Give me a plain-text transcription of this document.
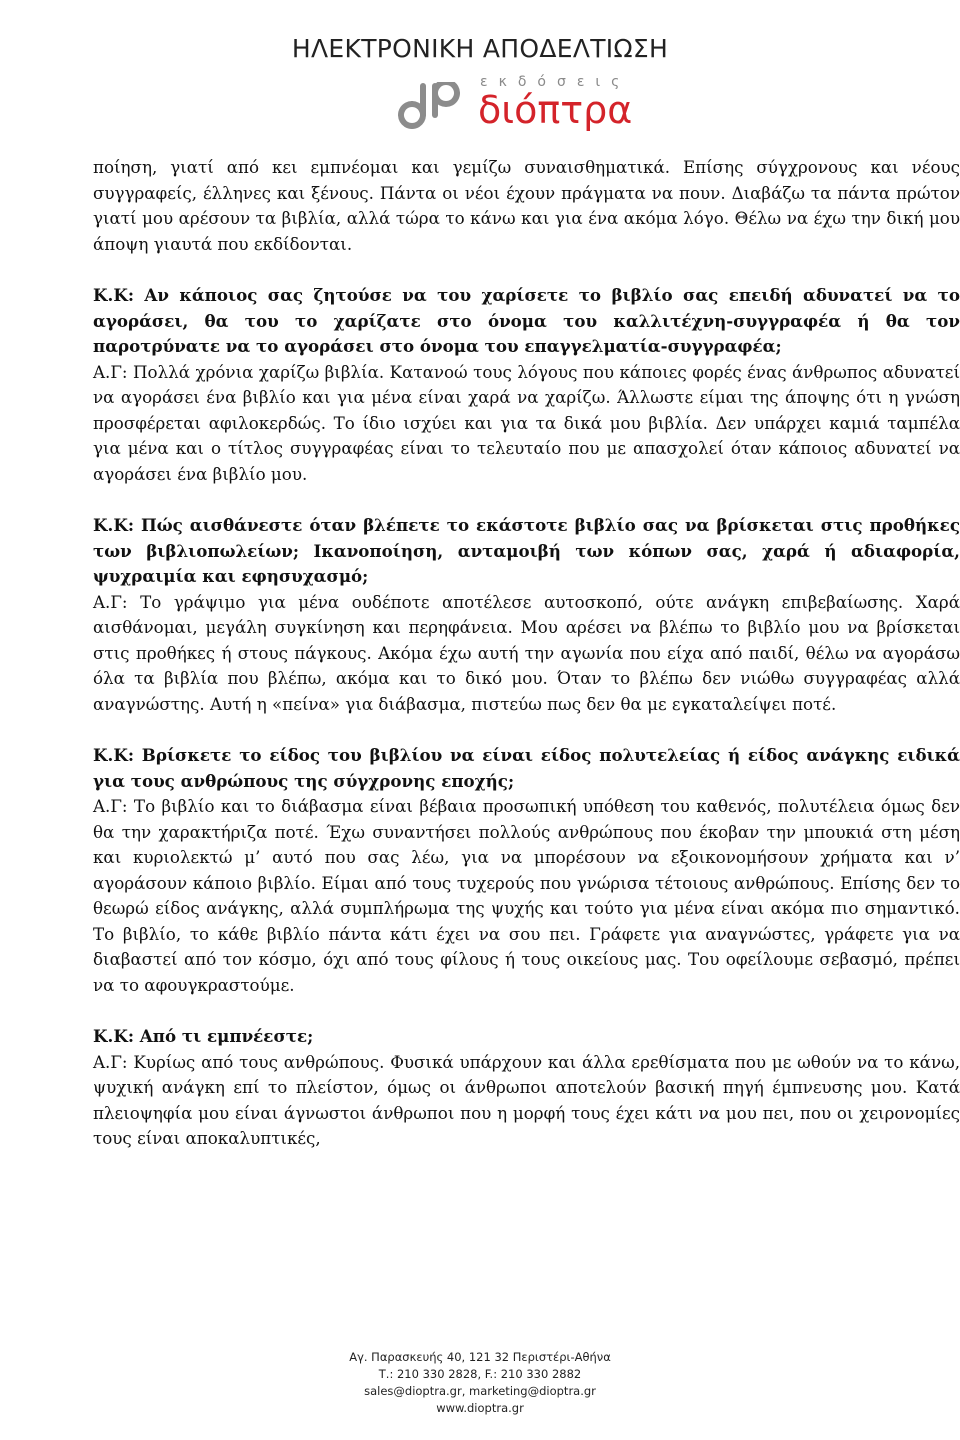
ΗΛΕΚΤΡΟΝΙΚΗ ΑΠΟΔΕΛΤΙΩΣΗ
εκδόσεις
διόπτρα

ποίηση, γιατί από κει εμπνέομαι και γεμίζω συναισθηματικά. Επίσης σύγχρονους και νέους συγγραφείς, έλληνες και ξένους. Πάντα οι νέοι έχουν πράγματα να πουν. Διαβάζω τα πάντα πρώτον γιατί μου αρέσουν τα βιβλία, αλλά τώρα το κάνω και για ένα ακόμα λόγο. Θέλω να έχω την δική μου άποψη γιαυτά που εκδίδονται.

Κ.Κ: Αν κάποιος σας ζητούσε να του χαρίσετε το βιβλίο σας επειδή αδυνατεί να το αγοράσει, θα του το χαρίζατε στο όνομα του καλλιτέχνη-συγγραφέα ή θα τον παροτρύνατε να το αγοράσει στο όνομα του επαγγελματία-συγγραφέα;

Α.Γ: Πολλά χρόνια χαρίζω βιβλία. Κατανοώ τους λόγους που κάποιες φορές ένας άνθρωπος αδυνατεί να αγοράσει ένα βιβλίο και για μένα είναι χαρά να χαρίζω. Άλλωστε είμαι της άποψης ότι η γνώση προσφέρεται αφιλοκερδώς. Το ίδιο ισχύει και για τα δικά μου βιβλία. Δεν υπάρχει καμιά ταμπέλα για μένα και ο τίτλος συγγραφέας είναι το τελευταίο που με απασχολεί όταν κάποιος αδυνατεί να αγοράσει ένα βιβλίο μου.

Κ.Κ: Πώς αισθάνεστε όταν βλέπετε το εκάστοτε βιβλίο σας να βρίσκεται στις προθήκες των βιβλιοπωλείων; Ικανοποίηση, ανταμοιβή των κόπων σας, χαρά ή αδιαφορία, ψυχραιμία και εφησυχασμό;

Α.Γ: Το γράψιμο για μένα ουδέποτε αποτέλεσε αυτοσκοπό, ούτε ανάγκη επιβεβαίωσης. Χαρά αισθάνομαι, μεγάλη συγκίνηση και περηφάνεια. Μου αρέσει να βλέπω το βιβλίο μου να βρίσκεται στις προθήκες ή στους πάγκους. Ακόμα έχω αυτή την αγωνία που είχα από παιδί, θέλω να αγοράσω όλα τα βιβλία που βλέπω, ακόμα και το δικό μου. Όταν το βλέπω δεν νιώθω συγγραφέας αλλά αναγνώστης. Αυτή η «πείνα» για διάβασμα, πιστεύω πως δεν θα με εγκαταλείψει ποτέ.

Κ.Κ: Βρίσκετε το είδος του βιβλίου να είναι είδος πολυτελείας ή είδος ανάγκης ειδικά για τους ανθρώπους της σύγχρονης εποχής;

Α.Γ: Το βιβλίο και το διάβασμα είναι βέβαια προσωπική υπόθεση του καθενός, πολυτέλεια όμως δεν θα την χαρακτήριζα ποτέ. Έχω συναντήσει πολλούς ανθρώπους που έκοβαν την μπουκιά στη μέση και κυριολεκτώ μ’ αυτό που σας λέω, για να μπορέσουν να εξοικονομήσουν χρήματα και ν’ αγοράσουν κάποιο βιβλίο. Είμαι από τους τυχερούς που γνώρισα τέτοιους ανθρώπους. Επίσης δεν το θεωρώ είδος ανάγκης, αλλά συμπλήρωμα της ψυχής και τούτο για μένα είναι ακόμα πιο σημαντικό. Το βιβλίο, το κάθε βιβλίο πάντα κάτι έχει να σου πει. Γράφετε για αναγνώστες, γράφετε για να διαβαστεί από τον κόσμο, όχι από τους φίλους ή τους οικείους μας. Του οφείλουμε σεβασμό, πρέπει να το αφουγκραστούμε.

Κ.Κ: Από τι εμπνέεστε;

Α.Γ: Κυρίως από τους ανθρώπους. Φυσικά υπάρχουν και άλλα ερεθίσματα που με ωθούν να το κάνω, ψυχική ανάγκη επί το πλείστον, όμως οι άνθρωποι αποτελούν βασική πηγή έμπνευσης μου. Κατά πλειοψηφία μου είναι άγνωστοι άνθρωποι που η μορφή τους έχει κάτι να μου πει, που οι χειρονομίες τους είναι αποκαλυπτικές,

Αγ. Παρασκευής 40, 121 32 Περιστέρι-Αθήνα
Τ.: 210 330 2828, F.: 210 330 2882
sales@dioptra.gr, marketing@dioptra.gr
www.dioptra.gr
